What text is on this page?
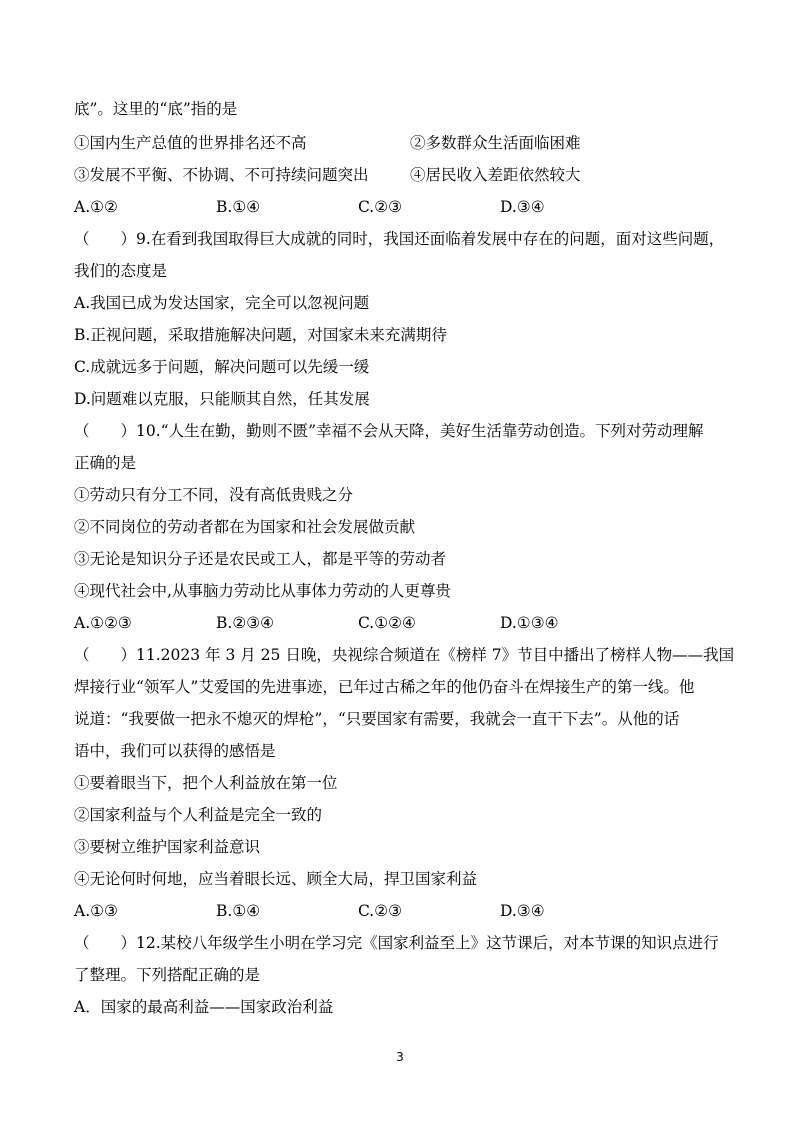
底”。这里的“底”指的是
①国内生产总值的世界排名还不高	②多数群众生活面临困难
③发展不平衡、不协调、不可持续问题突出	④居民收入差距依然较大
A.①②	B.①④	C.②③	D.③④
（　　）9.在看到我国取得巨大成就的同时，我国还面临着发展中存在的问题，面对这些问题，
我们的态度是
A.我国已成为发达国家，完全可以忽视问题
B.正视问题，采取措施解决问题，对国家未来充满期待
C.成就远多于问题，解决问题可以先缓一缓
D.问题难以克服，只能顺其自然，任其发展
（　　）10.“人生在勤，勤则不匮”幸福不会从天降，美好生活靠劳动创造。下列对劳动理解
正确的是
①劳动只有分工不同，没有高低贵贱之分
②不同岗位的劳动者都在为国家和社会发展做贡献
③无论是知识分子还是农民或工人，都是平等的劳动者
④现代社会中,从事脑力劳动比从事体力劳动的人更尊贵
A.①②③	B.②③④	C.①②④	D.①③④
（　　）11.2023 年 3 月 25 日晚，央视综合频道在《榜样 7》节目中播出了榜样人物——我国
焊接行业“领军人”艾爱国的先进事迹，已年过古稀之年的他仍奋斗在焊接生产的第一线。他
说道：“我要做一把永不熄灭的焊枪”，“只要国家有需要，我就会一直干下去”。从他的话
语中，我们可以获得的感悟是
①要着眼当下，把个人利益放在第一位
②国家利益与个人利益是完全一致的
③要树立维护国家利益意识
④无论何时何地，应当着眼长远、顾全大局，捍卫国家利益
A.①③	B.①④	C.②③	D.③④
（　　）12.某校八年级学生小明在学习完《国家利益至上》这节课后，对本节课的知识点进行
了整理。下列搭配正确的是
A．国家的最高利益——国家政治利益
3
